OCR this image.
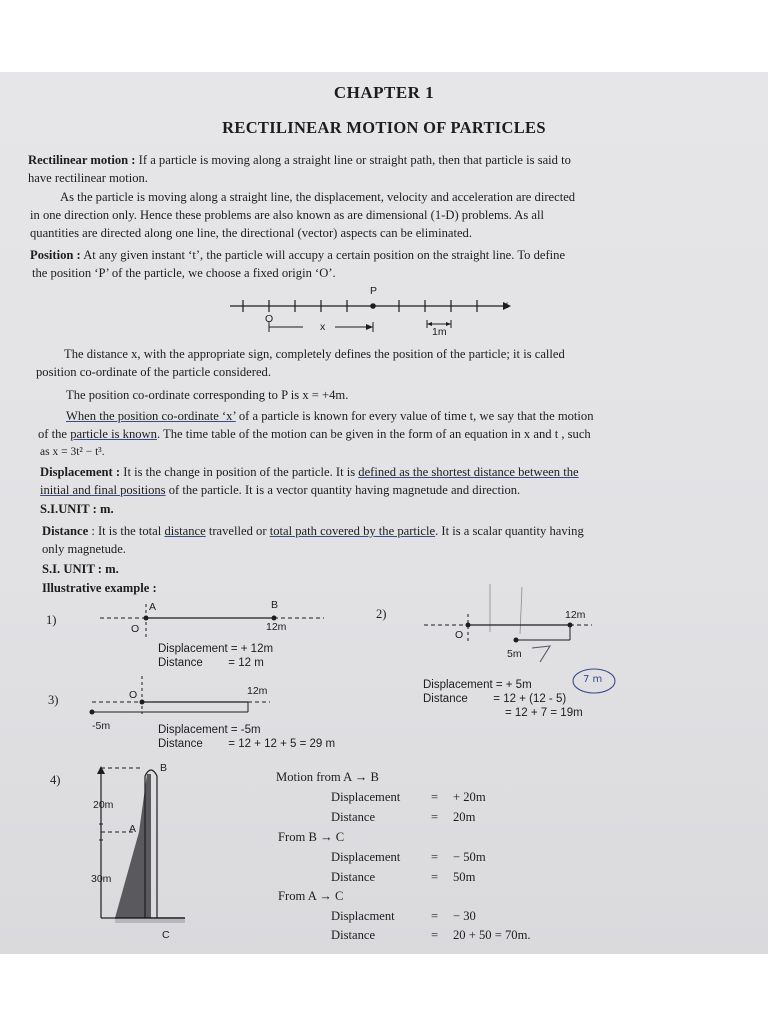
CHAPTER 1
RECTILINEAR MOTION OF PARTICLES
Rectilinear motion : If a particle is moving along a straight line or straight path, then that particle is said to
have rectilinear motion.
As the particle is moving along a straight line, the displacement, velocity and acceleration are directed
in one direction only. Hence these problems are also known as are dimensional (1-D) problems. As all
quantities are directed along one line, the directional (vector) aspects can be eliminated.
Position : At any given instant ‘t’, the particle will accupy a certain position on the straight line. To define
the position ‘P’ of the particle, we choose a fixed origin ‘O’.
P
x
O
x	1m
The distance x, with the appropriate sign, completely defines the position of the particle; it is called
position co-ordinate of the particle considered.
The position co-ordinate corresponding to P is x = +4m.
When the position co-ordinate ‘x’ of a particle is known for every value of time t, we say that the motion
of the particle is known. The time table of the motion can be given in the form of an equation in x and t , such
as x = 3t² − t³.
Displacement : It is the change in position of the particle. It is defined as the shortest distance between the
initial and final positions of the particle. It is a vector quantity having magnetude and direction.
S.I.UNIT : m.
Distance : It is the total distance travelled or total path covered by the particle. It is a scalar quantity having
only magnetude.
S.I. UNIT : m.
Illustrative example :
1)
A	B
O	12m
Displacement = + 12m
Distance        = 12 m
2)	12m
O
5m
Displacement = + 5m
Distance        = 12 + (12 - 5)
= 12 + 7 = 19m
7 m
3)	O	12m
-5m	Displacement = -5m
Distance        = 12 + 12 + 5 = 29 m
4)
B
20m
A
30m
C
Motion from A → B
Displacement = + 20m
Distance	= 20m
From B → C
Displacement = − 50m
Distance	= 50m
From A → C
Displacment	= − 30
Distance	= 20 + 50 = 70m.
